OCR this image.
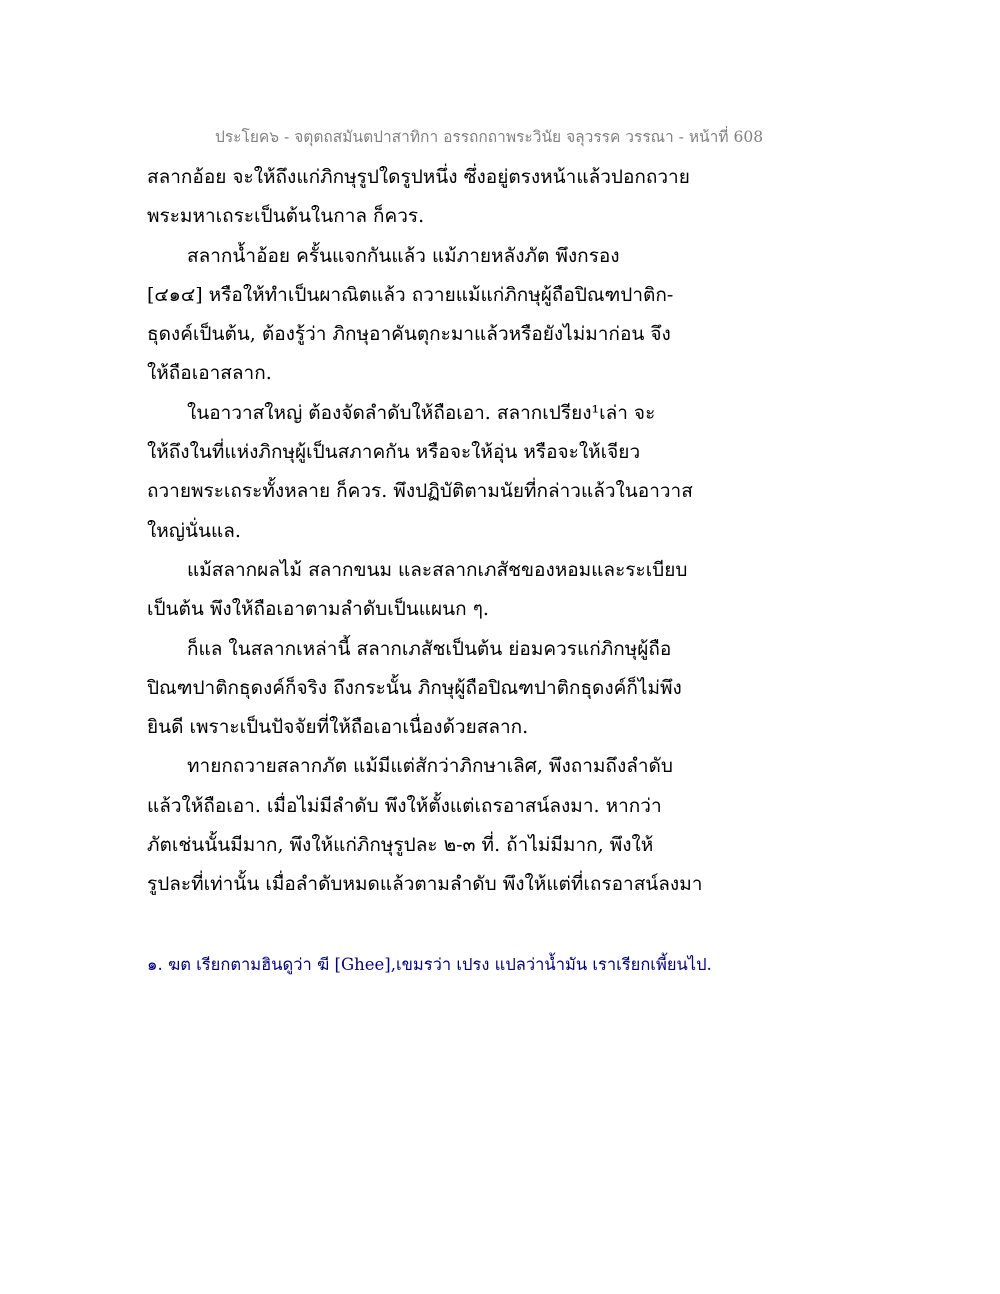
ประโยค๖ - จตุตถสมันตปาสาทิกา อรรถกถาพระวินัย จลุวรรค วรรณา - หน้าที่ 608
สลากอ้อย จะให้ถึงแก่ภิกษุรูปใดรูปหนึ่ง ซึ่งอยู่ตรงหน้าแล้วปอกถวาย
พระมหาเถระเป็นต้นในกาล ก็ควร.
สลากน้ำอ้อย ครั้นแจกกันแล้ว แม้ภายหลังภัต พึงกรอง
[๔๑๔] หรือให้ทำเป็นผาณิตแล้ว ถวายแม้แก่ภิกษุผู้ถือปิณฑปาติก-
ธุดงค์เป็นต้น, ต้องรู้ว่า ภิกษุอาคันตุกะมาแล้วหรือยังไม่มาก่อน จึง
ให้ถือเอาสลาก.
ในอาวาสใหญ่ ต้องจัดลำดับให้ถือเอา. สลากเปรียง¹เล่า จะ
ให้ถึงในที่แห่งภิกษุผู้เป็นสภาคกัน หรือจะให้อุ่น หรือจะให้เจียว
ถวายพระเถระทั้งหลาย ก็ควร. พึงปฏิบัติตามนัยที่กล่าวแล้วในอาวาส
ใหญ่นั่นแล.
แม้สลากผลไม้ สลากขนม และสลากเภสัชของหอมและระเบียบ
เป็นต้น พึงให้ถือเอาตามลำดับเป็นแผนก ๆ.
ก็แล ในสลากเหล่านี้ สลากเภสัชเป็นต้น ย่อมควรแก่ภิกษุผู้ถือ
ปิณฑปาติกธุดงค์ก็จริง ถึงกระนั้น ภิกษุผู้ถือปิณฑปาติกธุดงค์ก็ไม่พึง
ยินดี เพราะเป็นปัจจัยที่ให้ถือเอาเนื่องด้วยสลาก.
ทายกถวายสลากภัต แม้มีแต่สักว่าภิกษาเลิศ, พึงถามถึงลำดับ
แล้วให้ถือเอา. เมื่อไม่มีลำดับ พึงให้ตั้งแต่เถรอาสน์ลงมา. หากว่า
ภัตเช่นนั้นมีมาก, พึงให้แก่ภิกษุรูปละ ๒-๓ ที่. ถ้าไม่มีมาก, พึงให้
รูปละที่เท่านั้น เมื่อลำดับหมดแล้วตามลำดับ พึงให้แต่ที่เถรอาสน์ลงมา
๑. ฆต เรียกตามฮินดูว่า ฆี [Ghee],เขมรว่า เปรง แปลว่าน้ำมัน เราเรียกเพี้ยนไป.
